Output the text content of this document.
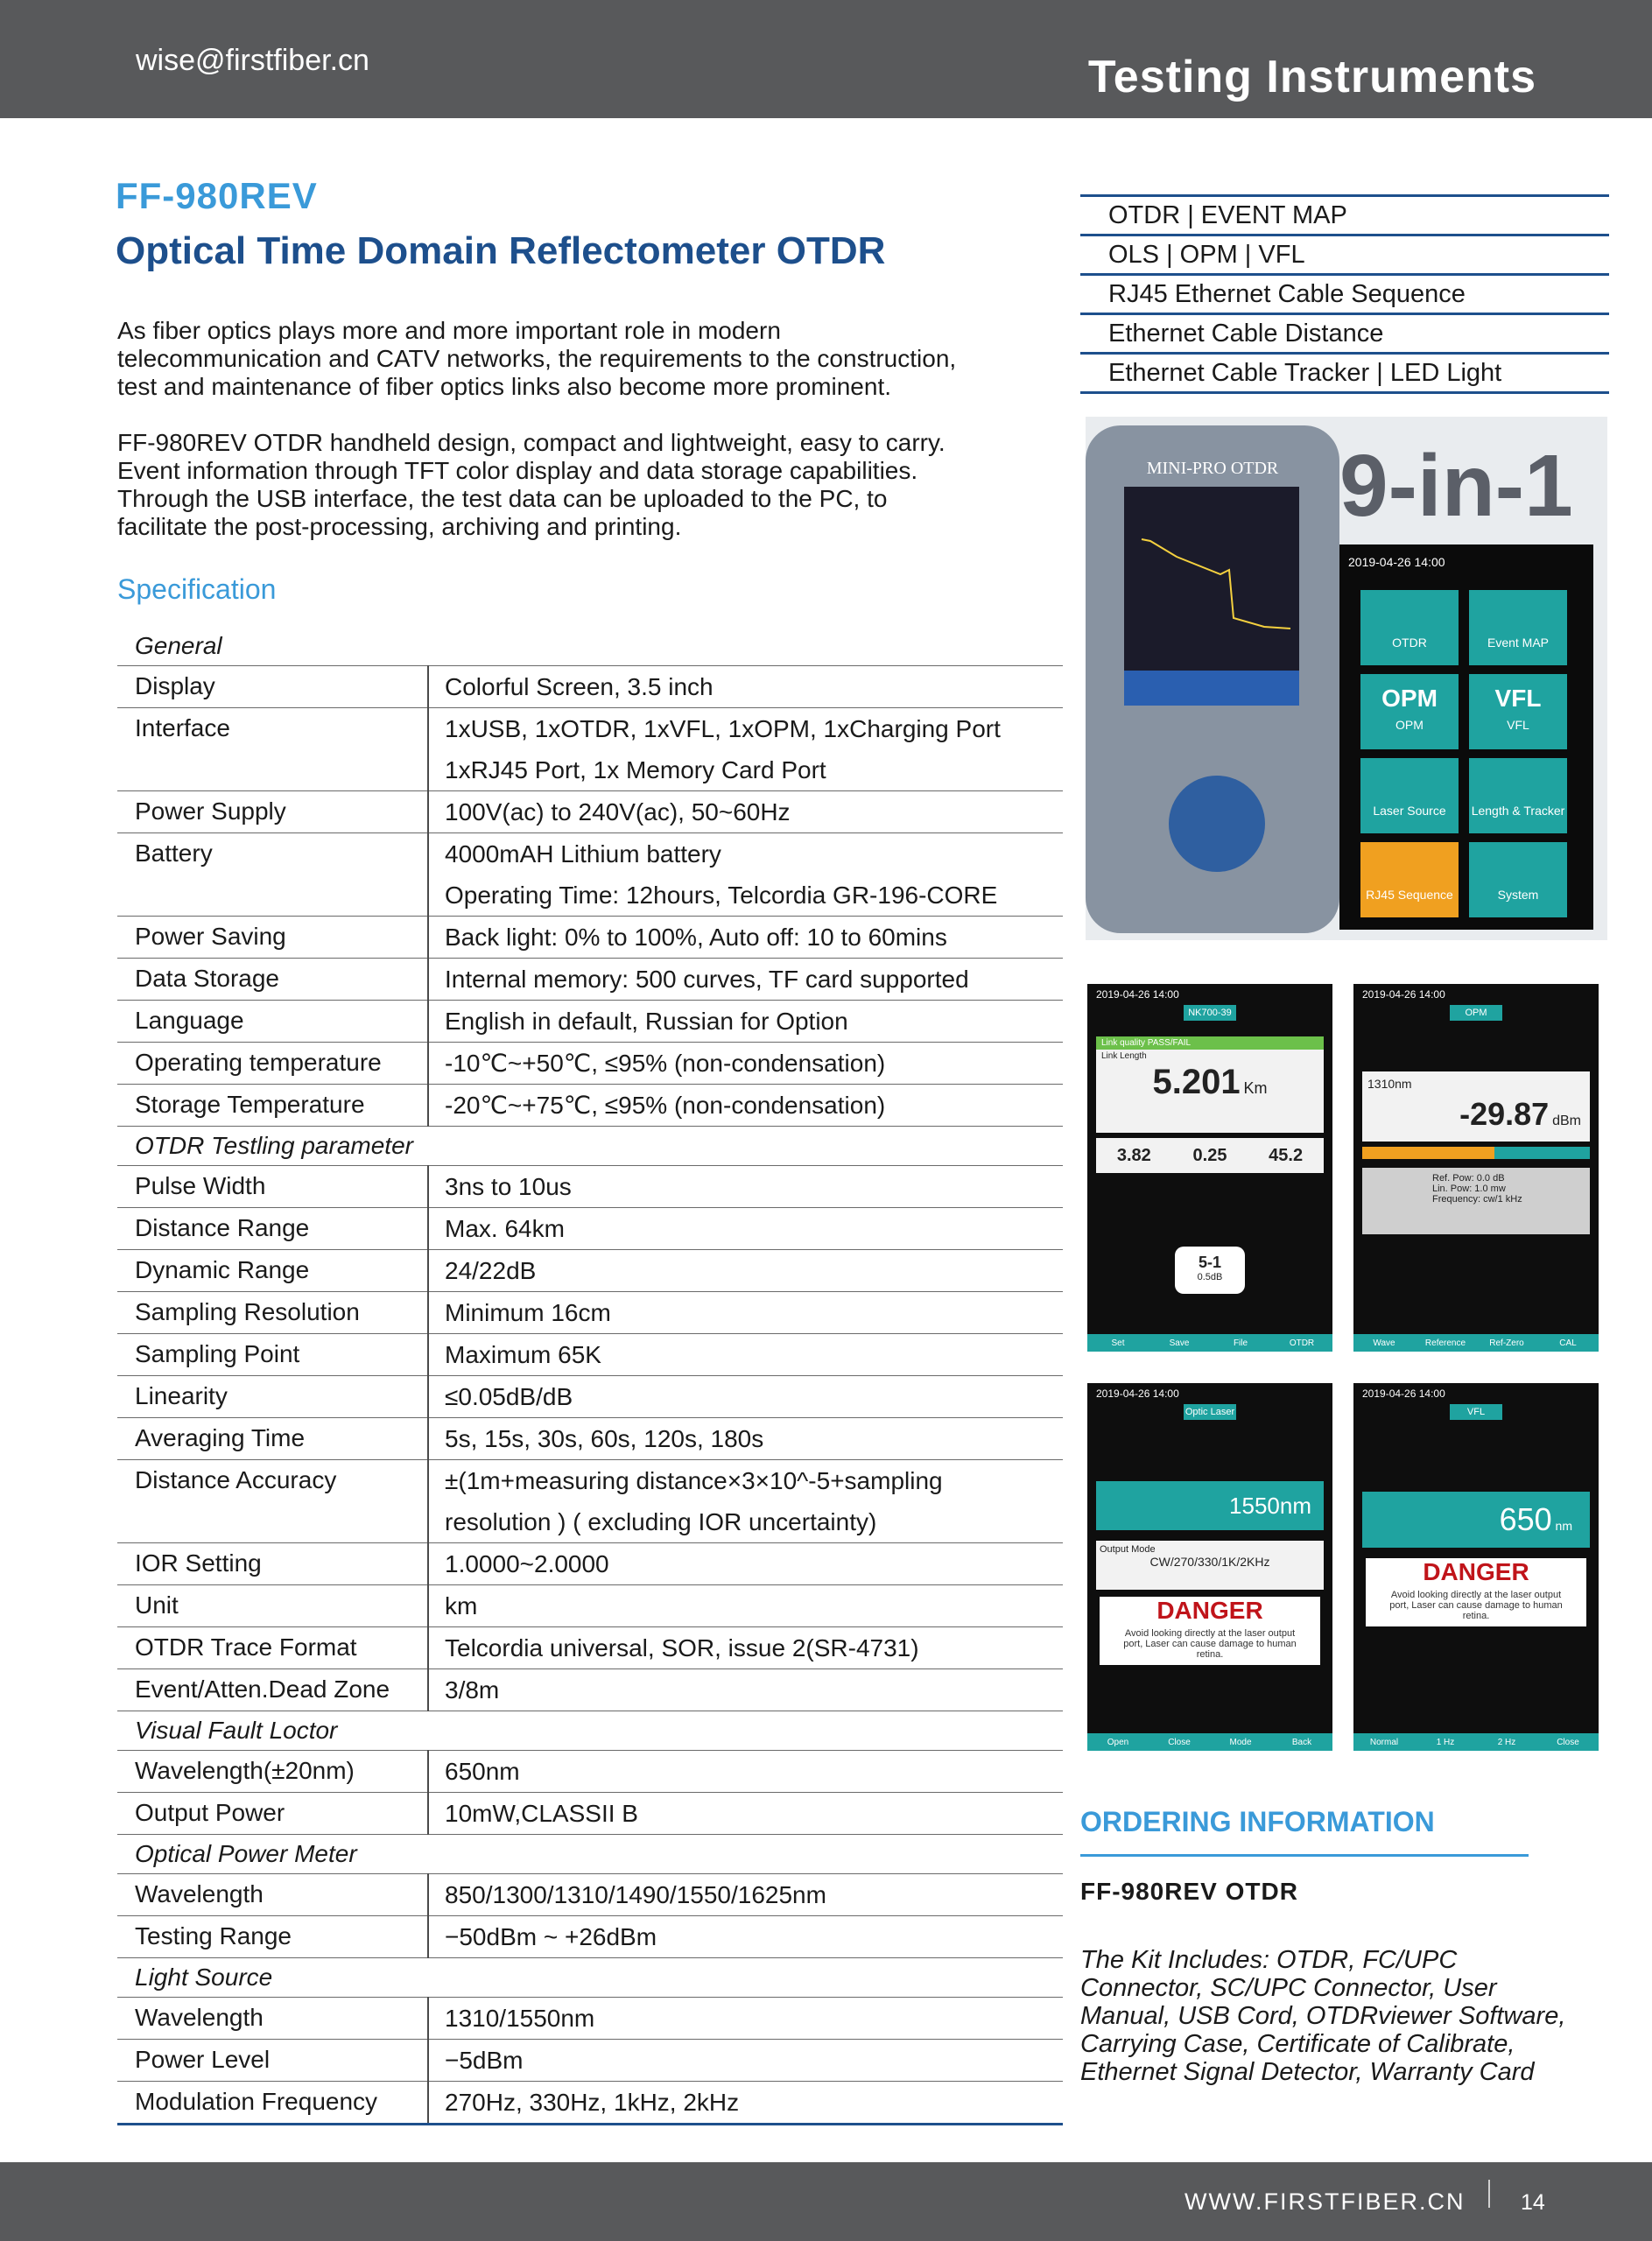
wise@firstfiber.cn	Testing Instruments
FF-980REV
Optical Time Domain Reflectometer OTDR

As fiber optics plays more and more important role in modern
telecommunication and CATV networks, the requirements to the construction,
test and maintenance of fiber optics links also become more prominent.

FF-980REV OTDR handheld design, compact and lightweight, easy to carry.
Event information through TFT color display and data storage capabilities.
Through the USB interface, the test data can be uploaded to the PC, to
facilitate the post-processing, archiving and printing.

Specification
General	
Display	Colorful Screen, 3.5 inch

Interface	1xUSB, 1xOTDR, 1xVFL, 1xOPM, 1xCharging Port
1xRJ45 Port, 1x Memory Card Port

Power Supply	100V(ac) to 240V(ac), 50~60Hz

Battery	4000mAH Lithium battery
Operating Time: 12hours, Telcordia GR-196-CORE

Power Saving	Back light: 0% to 100%, Auto off: 10 to 60mins

Data Storage	Internal memory: 500 curves, TF card supported

Language	English in default, Russian for Option

Operating temperature	-10℃~+50℃, ≤95% (non-condensation)

Storage Temperature	-20℃~+75℃, ≤95% (non-condensation)

OTDR Testling parameter	
Pulse Width	3ns to 10us

Distance Range	Max. 64km

Dynamic Range	24/22dB

Sampling Resolution	Minimum 16cm

Sampling Point	Maximum 65K

Linearity	≤0.05dB/dB

Averaging Time	5s, 15s, 30s, 60s, 120s, 180s

Distance Accuracy	±(1m+measuring distance×3×10^-5+sampling
resolution ) ( excluding IOR uncertainty)

IOR Setting	1.0000~2.0000

Unit	km

OTDR Trace Format	Telcordia universal, SOR, issue 2(SR-4731)

Event/Atten.Dead Zone	3/8m

Visual Fault Loctor	
Wavelength(±20nm)	650nm

Output Power	10mW,CLASSII B

Optical Power Meter	
Wavelength	850/1300/1310/1490/1550/1625nm

Testing Range	−50dBm ~ +26dBm

Light Source	
Wavelength	1310/1550nm

Power Level	−5dBm

Modulation Frequency	270Hz, 330Hz, 1kHz, 2kHz
OTDR | EVENT MAP
OLS | OPM | VFL
RJ45 Ethernet Cable Sequence
Ethernet Cable Distance
Ethernet Cable Tracker | LED Light
MINI-PRO OTDR 9-in-1
2019-04-26 14:00
OTDR	Event MAP
OPM
OPM
VFL
VFL
Laser Source	Length & Tracker
RJ45 Sequence	System
2019-04-26 14:00
NK700-39
Link quality PASS/FAIL
Link Length
5.201 Km
3.82 0.25 45.2
5-1
0.5dB
Set	Save	File	OTDR
2019-04-26 14:00
OPM
1310nm
-29.87 dBm
Ref. Pow: 0.0 dB
Lin. Pow: 1.0 mw
Frequency: cw/1 kHz
Wave	Reference	Ref-Zero	CAL
2019-04-26 14:00
Optic Laser
1550nm
Output Mode
CW/270/330/1K/2KHz
DANGER
Avoid looking directly at the laser output port, Laser can cause damage to human retina.
Open	Close	Mode	Back
2019-04-26 14:00
VFL
650 nm
DANGER
Avoid looking directly at the laser output port, Laser can cause damage to human retina.
Normal	1 Hz	2 Hz	Close
ORDERING INFORMATION
FF-980REV OTDR

The Kit Includes: OTDR, FC/UPC Connector, SC/UPC Connector, User Manual, USB Cord, OTDRviewer Software, Carrying Case, Certificate of Calibrate, Ethernet Signal Detector, Warranty Card

WWW.FIRSTFIBER.CN	14
